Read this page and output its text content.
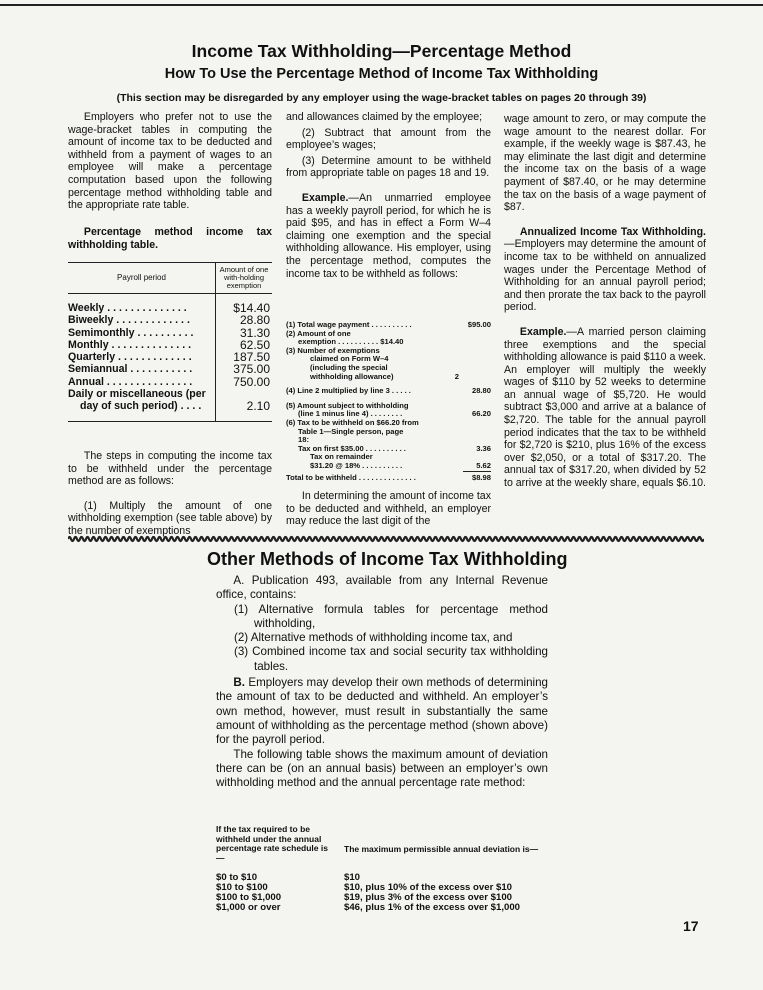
Income Tax Withholding—Percentage Method
How To Use the Percentage Method of Income Tax Withholding
(This section may be disregarded by any employer using the wage-bracket tables on pages 20 through 39)

Employers who prefer not to use the wage-bracket tables in computing the amount of income tax to be deducted and withheld from a payment of wages to an employee will make a percentage computation based upon the following percentage method withholding table and the appropriate rate table.

Percentage method income tax withholding table.

Payroll period	Amount of one with-holding exemption

Weekly . . . . . . . . . . . . . .	$14.40
Biweekly . . . . . . . . . . . . .	28.80
Semimonthly . . . . . . . . . .	31.30
Monthly . . . . . . . . . . . . . .	62.50
Quarterly . . . . . . . . . . . . .	187.50
Semiannual . . . . . . . . . . .	375.00
Annual . . . . . . . . . . . . . . .	750.00
Daily or miscellaneous (per	
day of such period) . . . .	2.10

The steps in computing the income tax to be withheld under the percentage method are as follows:

(1) Multiply the amount of one withholding exemption (see table above) by the number of exemptions

and allowances claimed by the employee;

(2) Subtract that amount from the employee’s wages;

(3) Determine amount to be withheld from appropriate table on pages 18 and 19.

Example.—An unmarried employee has a weekly payroll period, for which he is paid $95, and has in effect a Form W–4 claiming one exemption and the special withholding allowance. His employer, using the percentage method, computes the income tax to be withheld as follows:

(1) Total wage payment . . . . . . . . . .	$95.00
(2) Amount of one
exemption . . . . . . . . . . $14.40
(3) Number of exemptions
claimed on Form W–4
(including the special
withholding allowance)	2
(4) Line 2 multiplied by line 3 . . . . .	28.80
(5) Amount subject to withholding
(line 1 minus line 4) . . . . . . . .	66.20
(6) Tax to be withheld on $66.20 from
Table 1—Single person, page
18:
Tax on first $35.00 . . . . . . . . . .	3.36
Tax on remainder
$31.20 @ 18% . . . . . . . . . .	5.62
Total to be withheld . . . . . . . . . . . . . .	$8.98

In determining the amount of income tax to be deducted and withheld, an employer may reduce the last digit of the

wage amount to zero, or may compute the wage amount to the nearest dollar. For example, if the weekly wage is $87.43, he may eliminate the last digit and determine the income tax on the basis of a wage payment of $87.40, or he may determine the tax on the basis of a wage payment of $87.

Annualized Income Tax Withholding.—Employers may determine the amount of income tax to be withheld on annualized wages under the Percentage Method of Withholding for an annual payroll period; and then prorate the tax back to the payroll period.

Example.—A married person claiming three exemptions and the special withholding allowance is paid $110 a week. An employer will multiply the weekly wages of $110 by 52 weeks to determine an annual wage of $5,720. He would subtract $3,000 and arrive at a balance of $2,720. The table for the annual payroll period indicates that the tax to be withheld for $2,720 is $210, plus 16% of the excess over $2,050, or a total of $317.20. The annual tax of $317.20, when divided by 52 to arrive at the weekly share, equals $6.10.

Other Methods of Income Tax Withholding

A. Publication 493, available from any Internal Revenue office, contains:

(1) Alternative formula tables for percentage method withholding,

(2) Alternative methods of withholding income tax, and

(3) Combined income tax and social security tax withholding tables.

B. Employers may develop their own methods of determining the amount of tax to be deducted and withheld. An employer’s own method, however, must result in substantially the same amount of withholding as the percentage method (shown above) for the payroll period.

The following table shows the maximum amount of deviation there can be (on an annual basis) between an employer’s own withholding method and the annual percentage rate method:

If the tax required to be withheld under the annual percentage rate schedule is—
The maximum permissible annual deviation is—
$0 to $10	$10
$10 to $100	$10, plus 10% of the excess over $10
$100 to $1,000	$19, plus 3% of the excess over $100
$1,000 or over	$46, plus 1% of the excess over $1,000
17
